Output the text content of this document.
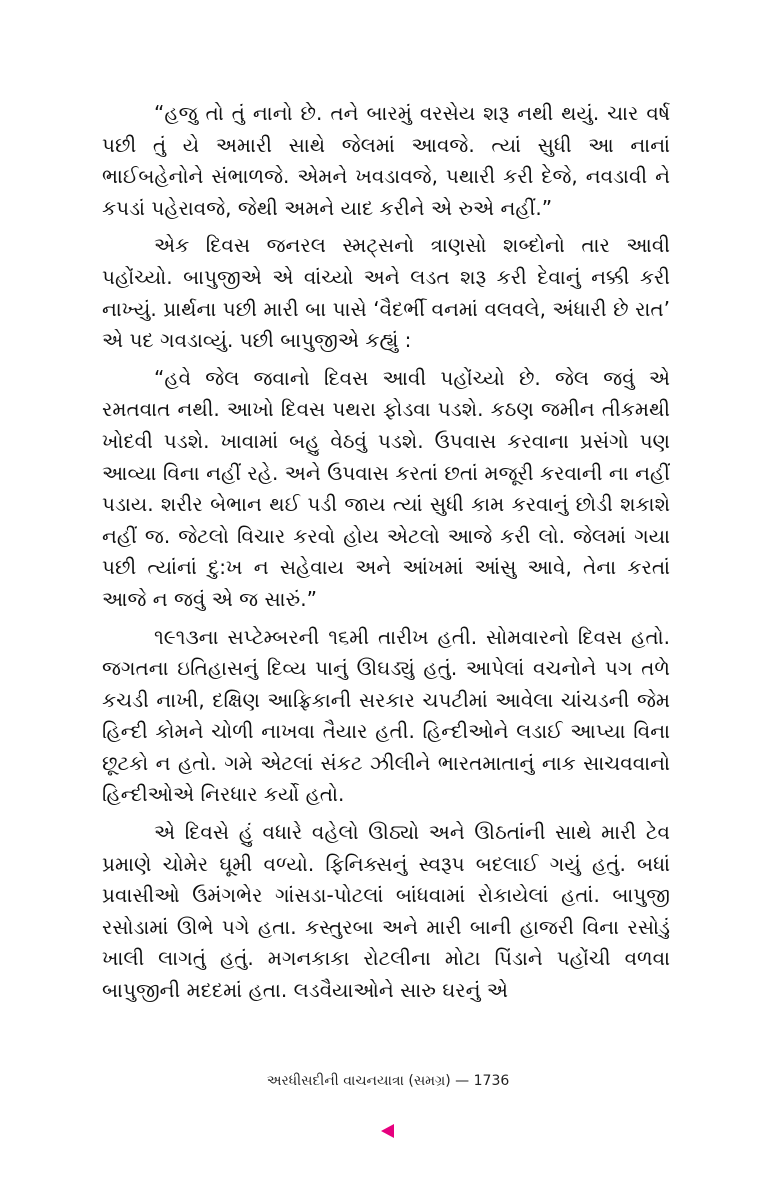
“હજુ તો તું નાનો છે. તને બારમું વરસેય શરૂ નથી થયું. ચાર વર્ષ પછી તું યે અમારી સાથે જેલમાં આવજે. ત્યાં સુધી આ નાનાં ભાઈબહેનોને સંભાળજે. એમને ખવડાવજે, પથારી કરી દેજે, નવડાવી ને કપડાં પહેરાવજે, જેથી અમને યાદ કરીને એ રુએ નહીં.”

એક દિવસ જનરલ સ્મટ્સનો ત્રાણસો શબ્દોનો તાર આવી પહોંચ્યો. બાપુજીએ એ વાંચ્યો અને લડત શરૂ કરી દેવાનું નક્કી કરી નાખ્યું. પ્રાર્થના પછી મારી બા પાસે ‘વૈદર્ભી વનમાં વલવલે, અંધારી છે રાત’ એ પદ ગવડાવ્યું. પછી બાપુજીએ કહ્યું :

“હવે જેલ જવાનો દિવસ આવી પહોંચ્યો છે. જેલ જવું એ રમતવાત નથી. આખો દિવસ પથરા ફોડવા પડશે. કઠણ જમીન તીકમથી ખોદવી પડશે. ખાવામાં બહુ વેઠવું પડશે. ઉપવાસ કરવાના પ્રસંગો પણ આવ્યા વિના નહીં રહે. અને ઉપવાસ કરતાં છતાં મજૂરી કરવાની ના નહીં પડાય. શરીર બેભાન થઈ પડી જાય ત્યાં સુધી કામ કરવાનું છોડી શકાશે નહીં જ. જેટલો વિચાર કરવો હોય એટલો આજે કરી લો. જેલમાં ગયા પછી ત્યાંનાં દુ:ખ ન સહેવાય અને આંખમાં આંસુ આવે, તેના કરતાં આજે ન જવું એ જ સારું.”

૧૯૧૩ના સપ્ટેમ્બરની ૧૬મી તારીખ હતી. સોમવારનો દિવસ હતો. જગતના ઇતિહાસનું દિવ્ય પાનું ઊઘડ્યું હતું. આપેલાં વચનોને પગ તળે કચડી નાખી, દક્ષિણ આફ્રિકાની સરકાર ચપટીમાં આવેલા ચાંચડની જેમ હિન્દી કોમને ચોળી નાખવા તૈયાર હતી. હિન્દીઓને લડાઈ આપ્યા વિના છૂટકો ન હતો. ગમે એટલાં સંકટ ઝીલીને ભારતમાતાનું નાક સાચવવાનો હિન્દીઓએ નિરધાર કર્યો હતો.

એ દિવસે હું વધારે વહેલો ઊઠ્યો અને ઊઠતાંની સાથે મારી ટેવ પ્રમાણે ચોમેર ઘૂમી વળ્યો. ફિનિક્સનું સ્વરૂપ બદલાઈ ગયું હતું. બધાં પ્રવાસીઓ ઉમંગભેર ગાંસડા-પોટલાં બાંધવામાં રોકાયેલાં હતાં. બાપુજી રસોડામાં ઊભે પગે હતા. કસ્તુરબા અને મારી બાની હાજરી વિના રસોડું ખાલી લાગતું હતું. મગનકાકા રોટલીના મોટા પિંડાને પહોંચી વળવા બાપુજીની મદદમાં હતા. લડવૈયાઓને સારુ ઘરનું એ

અરધીસદીની વાચનયાત્રા (સમગ્ર) — 1736
